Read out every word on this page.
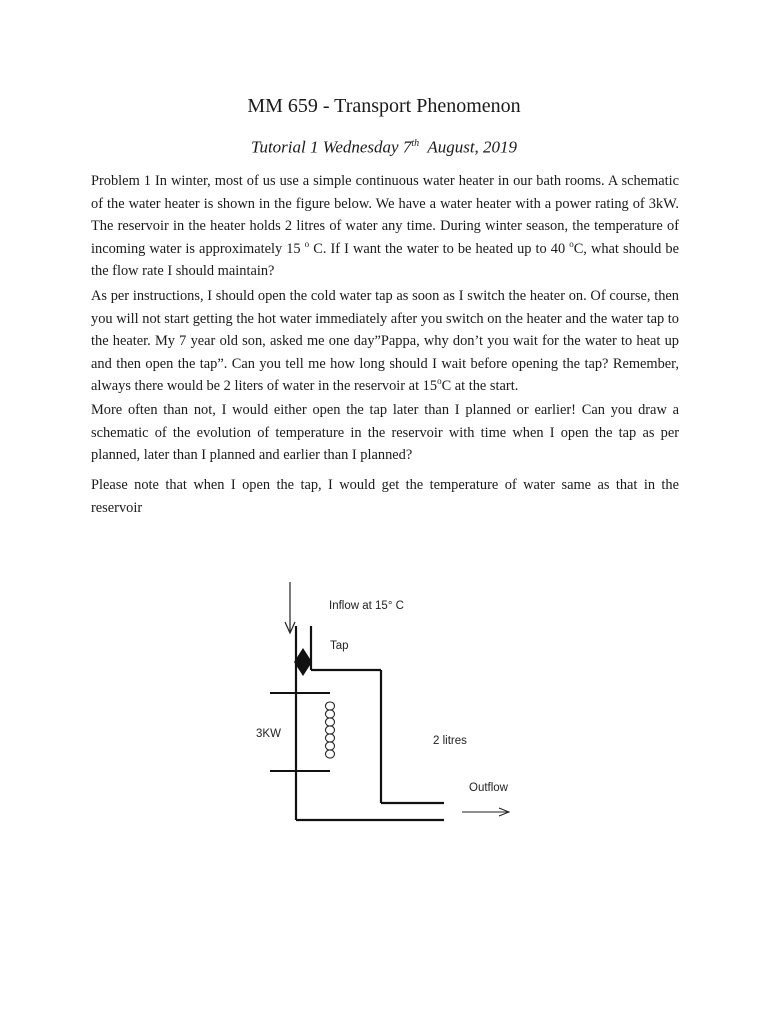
MM 659 - Transport Phenomenon
Tutorial 1 Wednesday 7th August, 2019
Problem 1 In winter, most of us use a simple continuous water heater in our bath rooms. A schematic of the water heater is shown in the figure below. We have a water heater with a power rating of 3kW. The reservoir in the heater holds 2 litres of water any time. During winter season, the temperature of incoming water is approximately 15 $^o$ C. If I want the water to be heated up to 40 $^o$C, what should be the flow rate I should maintain?
As per instructions, I should open the cold water tap as soon as I switch the heater on. Of course, then you will not start getting the hot water immediately after you switch on the heater and the water tap to the heater. My 7 year old son, asked me one day”Pappa, why don’t you wait for the water to heat up and then open the tap”. Can you tell me how long should I wait before opening the tap? Remember, always there would be 2 liters of water in the reservoir at 15$^o$C at the start.
More often than not, I would either open the tap later than I planned or earlier! Can you draw a schematic of the evolution of temperature in the reservoir with time when I open the tap as per planned, later than I planned and earlier than I planned?
Please note that when I open the tap, I would get the temperature of water same as that in the reservoir
Inflow at 15° C
Tap
3KW
2 litres
Outflow
